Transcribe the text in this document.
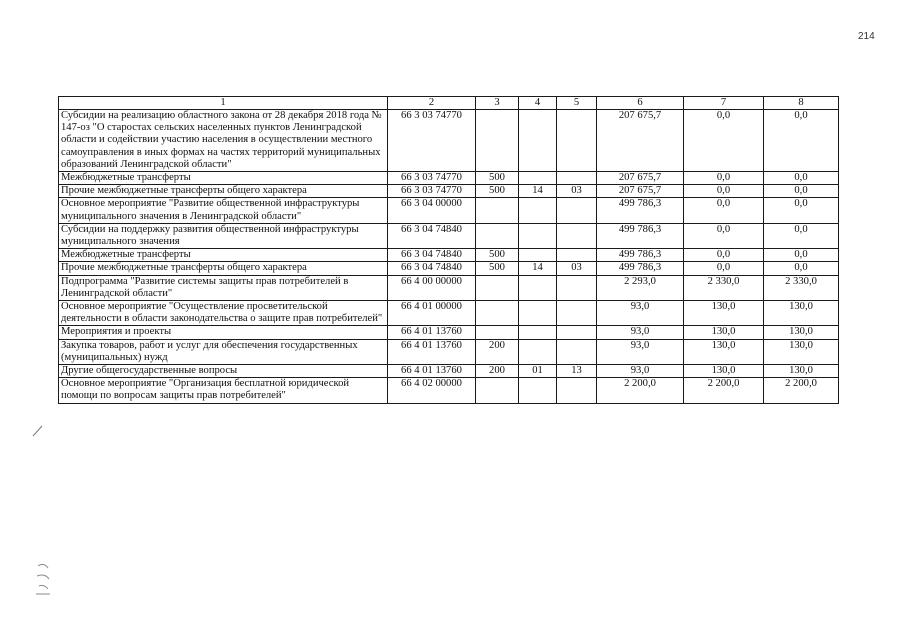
214
1	2	3	4	5	6	7	8
Субсидии на реализацию областного закона от 28 декабря 2018 года № 147-оз "О старостах сельских населенных пунктов Ленинградской области и содействии участию населения в осуществлении местного самоуправления в иных формах на частях территорий муниципальных образований Ленинградской области"	66 3 03 74770				207 675,7	0,0	0,0
Межбюджетные трансферты	66 3 03 74770	500			207 675,7	0,0	0,0
Прочие межбюджетные трансферты общего характера	66 3 03 74770	500	14	03	207 675,7	0,0	0,0
Основное мероприятие "Развитие общественной инфраструктуры муниципального значения в Ленинградской области"	66 3 04 00000				499 786,3	0,0	0,0
Субсидии на поддержку развития общественной инфраструктуры муниципального значения	66 3 04 74840				499 786,3	0,0	0,0
Межбюджетные трансферты	66 3 04 74840	500			499 786,3	0,0	0,0
Прочие межбюджетные трансферты общего характера	66 3 04 74840	500	14	03	499 786,3	0,0	0,0
Подпрограмма "Развитие системы защиты прав потребителей в Ленинградской области"	66 4 00 00000				2 293,0	2 330,0	2 330,0
Основное мероприятие "Осуществление просветительской деятельности в области законодательства о защите прав потребителей"	66 4 01 00000				93,0	130,0	130,0
Мероприятия и проекты	66 4 01 13760				93,0	130,0	130,0
Закупка товаров, работ и услуг для обеспечения государственных (муниципальных) нужд	66 4 01 13760	200			93,0	130,0	130,0
Другие общегосударственные вопросы	66 4 01 13760	200	01	13	93,0	130,0	130,0
Основное мероприятие "Организация бесплатной юридической помощи по вопросам защиты прав потребителей"	66 4 02 00000				2 200,0	2 200,0	2 200,0
